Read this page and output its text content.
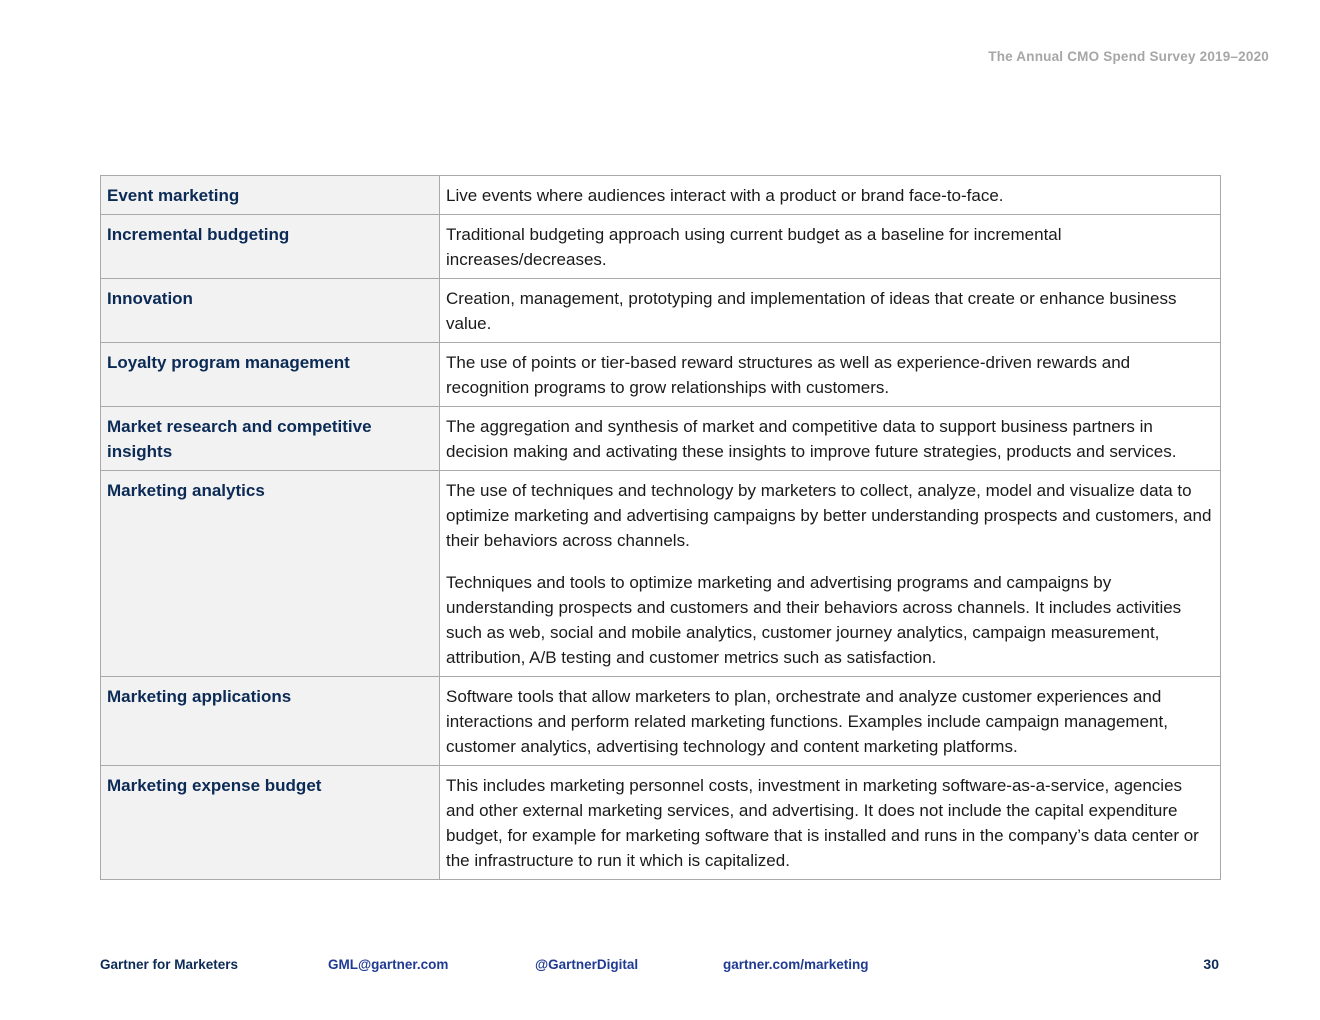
The Annual CMO Spend Survey 2019–2020
Event marketing	Live events where audiences interact with a product or brand face-to-face.

Incremental budgeting	Traditional budgeting approach using current budget as a baseline for incremental increases/decreases.

Innovation	Creation, management, prototyping and implementation of ideas that create or enhance business value.

Loyalty program management	The use of points or tier-based reward structures as well as experience-driven rewards and recognition programs to grow relationships with customers.

Market research and competitive insights	The aggregation and synthesis of market and competitive data to support business partners in decision making and activating these insights to improve future strategies, products and services.

Marketing analytics	The use of techniques and technology by marketers to collect, analyze, model and visualize data to optimize marketing and advertising campaigns by better understanding prospects and customers, and their behaviors across channels.

Techniques and tools to optimize marketing and advertising programs and campaigns by understanding prospects and customers and their behaviors across channels. It includes activities such as web, social and mobile analytics, customer journey analytics, campaign measurement, attribution, A/B testing and customer metrics such as satisfaction.

Marketing applications	Software tools that allow marketers to plan, orchestrate and analyze customer experiences and interactions and perform related marketing functions. Examples include campaign management, customer analytics, advertising technology and content marketing platforms.

Marketing expense budget	This includes marketing personnel costs, investment in marketing software-as-a-service, agencies and other external marketing services, and advertising. It does not include the capital expenditure budget, for example for marketing software that is installed and runs in the company’s data center or the infrastructure to run it which is capitalized.

Gartner for Marketers	GML@gartner.com	@GartnerDigital	gartner.com/marketing	30
